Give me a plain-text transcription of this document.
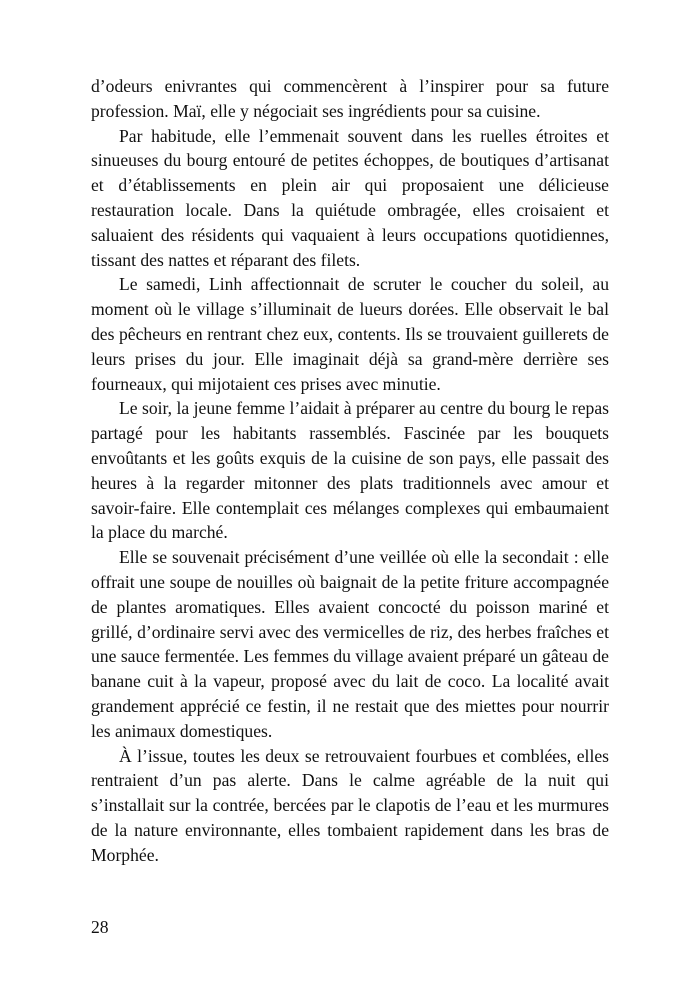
d’odeurs enivrantes qui commencèrent à l’inspirer pour sa future profession. Maï, elle y négociait ses ingrédients pour sa cuisine.

Par habitude, elle l’emmenait souvent dans les ruelles étroites et sinueuses du bourg entouré de petites échoppes, de boutiques d’artisanat et d’établissements en plein air qui proposaient une délicieuse restauration locale. Dans la quiétude ombragée, elles croisaient et saluaient des résidents qui vaquaient à leurs occupations quotidiennes, tissant des nattes et réparant des filets.

Le samedi, Linh affectionnait de scruter le coucher du soleil, au moment où le village s’illuminait de lueurs dorées. Elle observait le bal des pêcheurs en rentrant chez eux, contents. Ils se trouvaient guillerets de leurs prises du jour. Elle imaginait déjà sa grand-mère derrière ses fourneaux, qui mijotaient ces prises avec minutie.

Le soir, la jeune femme l’aidait à préparer au centre du bourg le repas partagé pour les habitants rassemblés. Fascinée par les bouquets envoûtants et les goûts exquis de la cuisine de son pays, elle passait des heures à la regarder mitonner des plats traditionnels avec amour et savoir-faire. Elle contemplait ces mélanges complexes qui embaumaient la place du marché.

Elle se souvenait précisément d’une veillée où elle la secondait : elle offrait une soupe de nouilles où baignait de la petite friture accompagnée de plantes aromatiques. Elles avaient concocté du poisson mariné et grillé, d’ordinaire servi avec des vermicelles de riz, des herbes fraîches et une sauce fermentée. Les femmes du village avaient préparé un gâteau de banane cuit à la vapeur, proposé avec du lait de coco. La localité avait grandement apprécié ce festin, il ne restait que des miettes pour nourrir les animaux domestiques.

À l’issue, toutes les deux se retrouvaient fourbues et comblées, elles rentraient d’un pas alerte. Dans le calme agréable de la nuit qui s’installait sur la contrée, bercées par le clapotis de l’eau et les murmures de la nature environnante, elles tombaient rapidement dans les bras de Morphée.

28
